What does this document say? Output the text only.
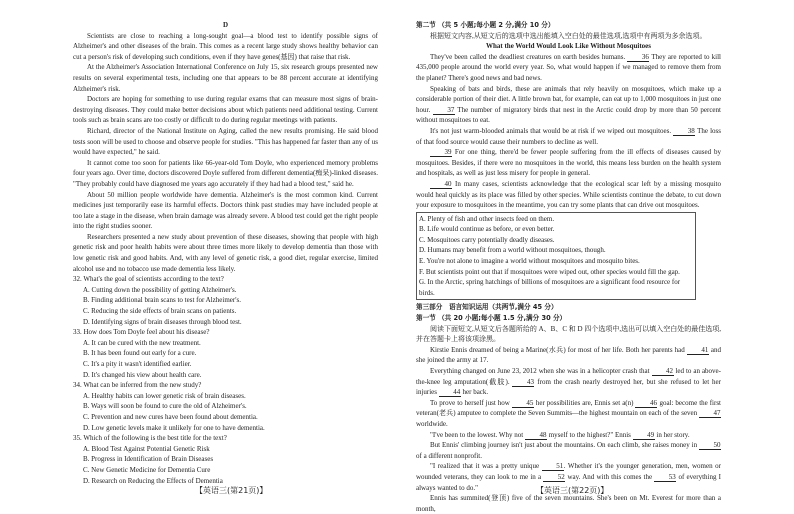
D

Scientists are close to reaching a long-sought goal—a blood test to identify possible signs of Alzheimer's and other diseases of the brain. This comes as a recent large study shows healthy behavior can cut a person's risk of developing such conditions, even if they have genes(基因) that raise that risk.

At the Alzheimer's Association International Conference on July 15, six research groups presented new results on several experimental tests, including one that appears to be 88 percent accurate at identifying Alzheimer's risk.

Doctors are hoping for something to use during regular exams that can measure most signs of brain-destroying diseases. They could make better decisions about which patients need additional testing. Current tools such as brain scans are too costly or difficult to do during regular meetings with patients.

Richard, director of the National Institute on Aging, called the new results promising. He said blood tests soon will be used to choose and observe people for studies. "This has happened far faster than any of us would have expected," he said.

It cannot come too soon for patients like 66-year-old Tom Doyle, who experienced memory problems four years ago. Over time, doctors discovered Doyle suffered from different dementia(痴呆)-linked diseases. "They probably could have diagnosed me years ago accurately if they had had a blood test," said he.

About 50 million people worldwide have dementia. Alzheimer's is the most common kind. Current medicines just temporarily ease its harmful effects. Doctors think past studies may have included people at too late a stage in the disease, when brain damage was already severe. A blood test could get the right people into the right studies sooner.

Researchers presented a new study about prevention of these diseases, showing that people with high genetic risk and poor health habits were about three times more likely to develop dementia than those with low genetic risk and good habits. And, with any level of genetic risk, a good diet, regular exercise, limited alcohol use and no tobacco use made dementia less likely.

32. What's the goal of scientists according to the text?
A. Cutting down the possibility of getting Alzheimer's.
B. Finding additional brain scans to test for Alzheimer's.
C. Reducing the side effects of brain scans on patients.
D. Identifying signs of brain diseases through blood test.
33. How does Tom Doyle feel about his disease?
A. It can be cured with the new treatment.
B. It has been found out early for a cure.
C. It's a pity it wasn't identified earlier.
D. It's changed his view about health care.
34. What can be inferred from the new study?
A. Healthy habits can lower genetic risk of brain diseases.
B. Ways will soon be found to cure the old of Alzheimer's.
C. Prevention and new cures have been found about dementia.
D. Low genetic levels make it unlikely for one to have dementia.
35. Which of the following is the best title for the text?
A. Blood Test Against Potential Genetic Risk
B. Progress in Identification of Brain Diseases
C. New Genetic Medicine for Dementia Cure
D. Research on Reducing the Effects of Dementia
第二节 （共 5 小题;每小题 2 分,满分 10 分）

根据短文内容,从短文后的选项中选出能填入空白处的最佳选项,选项中有两项为多余选项。

What the World Would Look Like Without Mosquitoes

They've been called the deadliest creatures on earth besides humans. 36 They are reported to kill 435,000 people around the world every year. So, what would happen if we managed to remove them from the planet? There's good news and bad news.

Speaking of bats and birds, these are animals that rely heavily on mosquitoes, which make up a considerable portion of their diet. A little brown bat, for example, can eat up to 1,000 mosquitoes in just one hour. 37 The number of migratory birds that nest in the Arctic could drop by more than 50 percent without mosquitoes to eat.

It's not just warm-blooded animals that would be at risk if we wiped out mosquitoes. 38 The loss of that food source would cause their numbers to decline as well.

39 For one thing, there'd be fewer people suffering from the ill effects of diseases caused by mosquitoes. Besides, if there were no mosquitoes in the world, this means less burden on the health system and hospitals, as well as just less misery for people in general.

40 In many cases, scientists acknowledge that the ecological scar left by a missing mosquito would heal quickly as its place was filled by other species. While scientists continue the debate, to cut down your exposure to mosquitoes in the meantime, you can try some plants that can drive out mosquitoes.

A. Plenty of fish and other insects feed on them.
B. Life would continue as before, or even better.
C. Mosquitoes carry potentially deadly diseases.
D. Humans may benefit from a world without mosquitoes, though.
E. You're not alone to imagine a world without mosquitoes and mosquito bites.
F. But scientists point out that if mosquitoes were wiped out, other species would fill the gap.
G. In the Arctic, spring hatchings of billions of mosquitoes are a significant food resource for birds.
第三部分　语言知识运用（共两节,满分 45 分）
第一节 （共 20 小题;每小题 1.5 分,满分 30 分）

阅读下面短文,从短文后各题所给的 A、B、C 和 D 四个选项中,选出可以填入空白处的最佳选项,并在答题卡上将该项涂黑。

Kirstie Ennis dreamed of being a Marine(水兵) for most of her life. Both her parents had 41 and she joined the army at 17.

Everything changed on June 23, 2012 when she was in a helicopter crash that 42 led to an above-the-knee leg amputation(截肢). 43 from the crash nearly destroyed her, but she refused to let her injuries 44 her back.

To prove to herself just how 45 her possibilities are, Ennis set a(n) 46 goal: become the first veteran(老兵) amputee to complete the Seven Summits—the highest mountain on each of the seven 47 worldwide.

"I've been to the lowest. Why not 48 myself to the highest?" Ennis 49 in her story.

But Ennis' climbing journey isn't just about the mountains. On each climb, she raises money in 50 of a different nonprofit.

"I realized that it was a pretty unique 51. Whether it's the younger generation, men, women or wounded veterans, they can look to me in a 52 way. And with this comes the 53 of everything I always wanted to do."

Ennis has summited(登顶) five of the seven mountains. She's been on Mt. Everest for more than a month,

【英语三(第21页)】	【英语三(第22页)】
